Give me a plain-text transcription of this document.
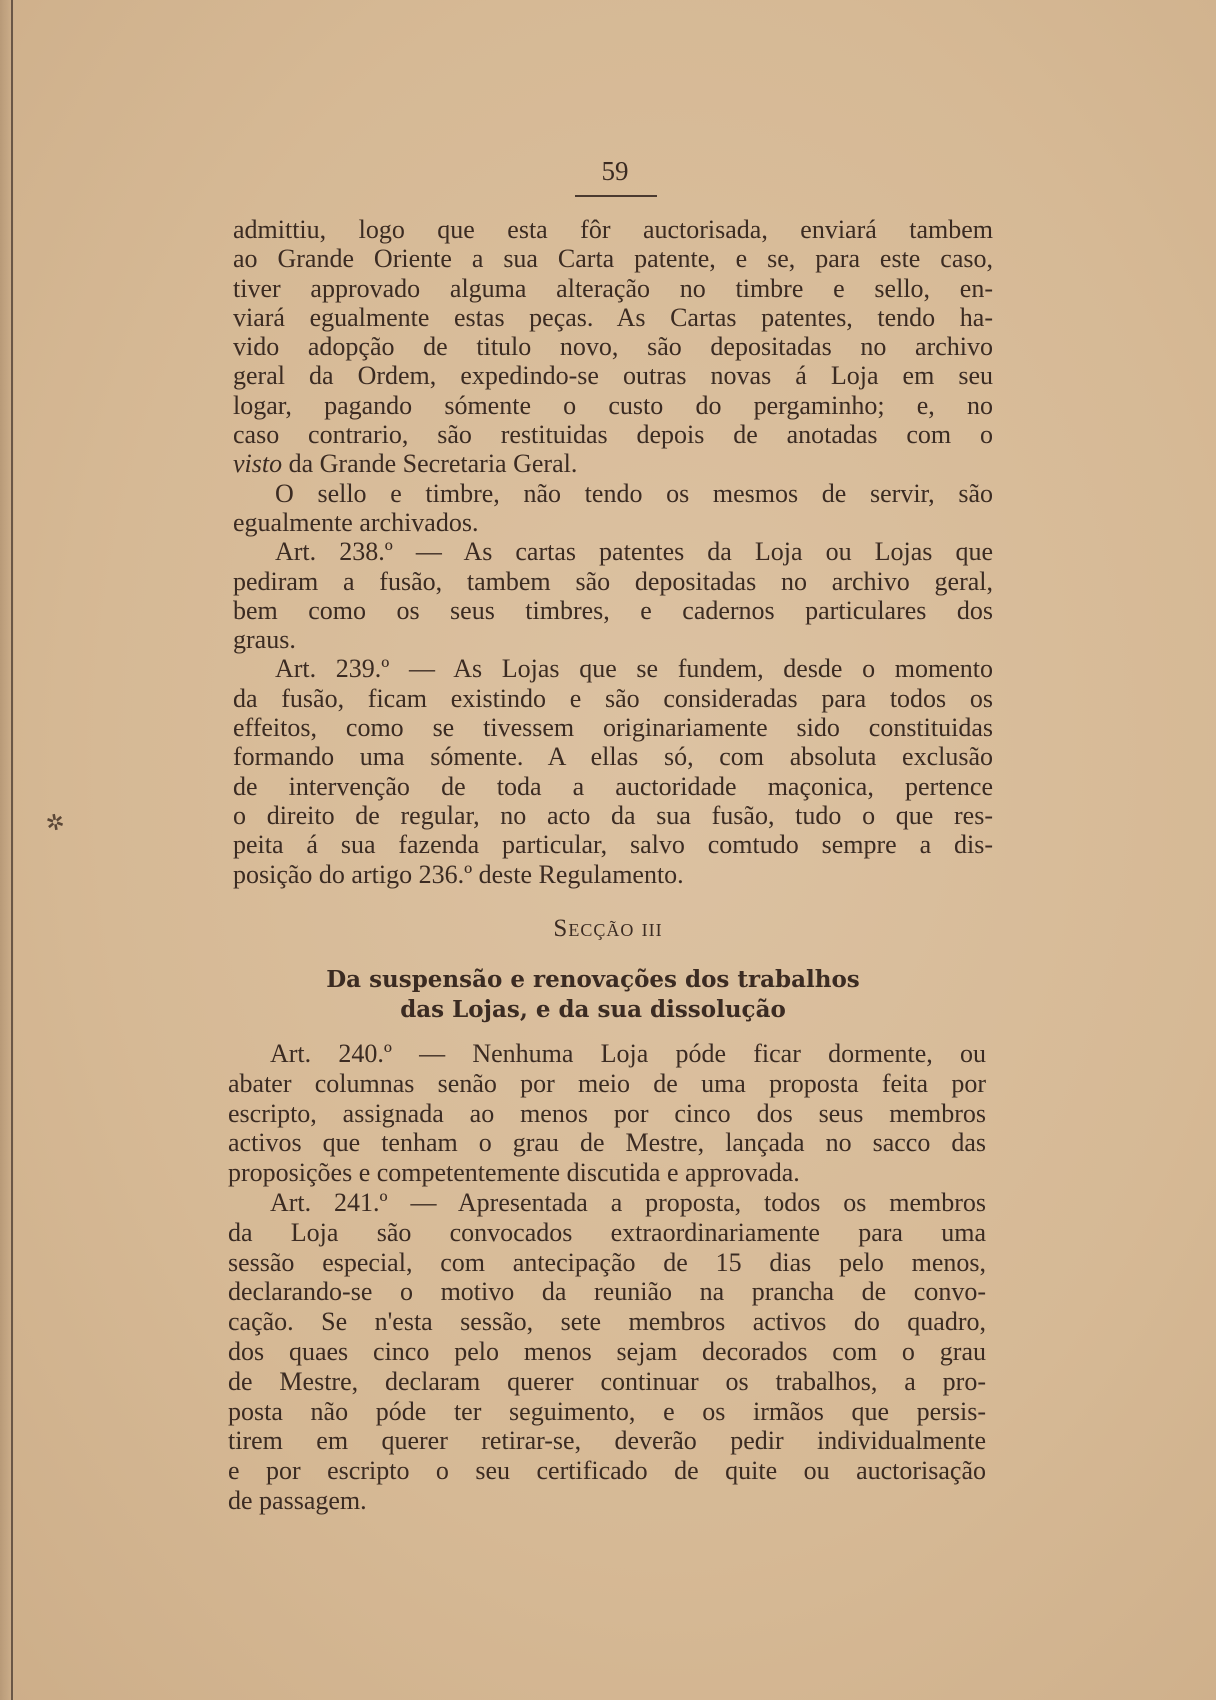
✲
59
admittiu, logo que esta fôr auctorisada, enviará tambem
ao Grande Oriente a sua Carta patente, e se, para este caso,
tiver approvado alguma alteração no timbre e sello, en-
viará egualmente estas peças. As Cartas patentes, tendo ha-
vido adopção de titulo novo, são depositadas no archivo
geral da Ordem, expedindo-se outras novas á Loja em seu
logar, pagando sómente o custo do pergaminho; e, no
caso contrario, são restituidas depois de anotadas com o
visto da Grande Secretaria Geral.
O sello e timbre, não tendo os mesmos de servir, são
egualmente archivados.
Art. 238.º — As cartas patentes da Loja ou Lojas que
pediram a fusão, tambem são depositadas no archivo geral,
bem como os seus timbres, e cadernos particulares dos
graus.
Art. 239.º — As Lojas que se fundem, desde o momento
da fusão, ficam existindo e são consideradas para todos os
effeitos, como se tivessem originariamente sido constituidas
formando uma sómente. A ellas só, com absoluta exclusão
de intervenção de toda a auctoridade maçonica, pertence
o direito de regular, no acto da sua fusão, tudo o que res-
peita á sua fazenda particular, salvo comtudo sempre a dis-
posição do artigo 236.º deste Regulamento.
Secção iii
Da suspensão e renovações dos trabalhos
das Lojas, e da sua dissolução
Art. 240.º — Nenhuma Loja póde ficar dormente, ou
abater columnas senão por meio de uma proposta feita por
escripto, assignada ao menos por cinco dos seus membros
activos que tenham o grau de Mestre, lançada no sacco das
proposições e competentemente discutida e approvada.
Art. 241.º — Apresentada a proposta, todos os membros
da Loja são convocados extraordinariamente para uma
sessão especial, com antecipação de 15 dias pelo menos,
declarando-se o motivo da reunião na prancha de convo-
cação. Se n'esta sessão, sete membros activos do quadro,
dos quaes cinco pelo menos sejam decorados com o grau
de Mestre, declaram querer continuar os trabalhos, a pro-
posta não póde ter seguimento, e os irmãos que persis-
tirem em querer retirar-se, deverão pedir individualmente
e por escripto o seu certificado de quite ou auctorisação
de passagem.
